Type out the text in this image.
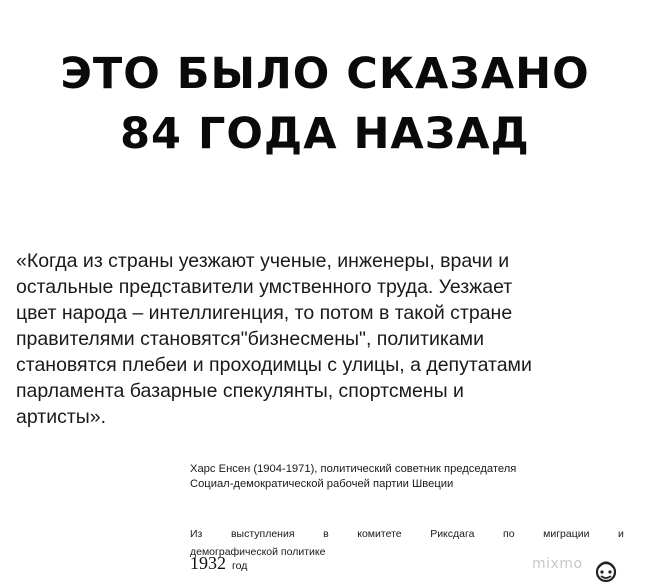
ЭТО БЫЛО СКАЗАНО
84 ГОДА НАЗАД
«Когда из страны уезжают ученые, инженеры, врачи и
остальные представители умственного труда. Уезжает
цвет народа – интеллигенция, то потом в такой стране
правителями становятся"бизнесмены", политиками
становятся плебеи и проходимцы с улицы, а депутатами
парламента базарные спекулянты, спортсмены и
артисты».
Харс Енсен (1904-1971), политический советник председателя
Социал-демократической рабочей партии Швеции
Из	выступления	в	комитете	Риксдага	по	миграции	и
демографической политике
1932 год	mixmo
